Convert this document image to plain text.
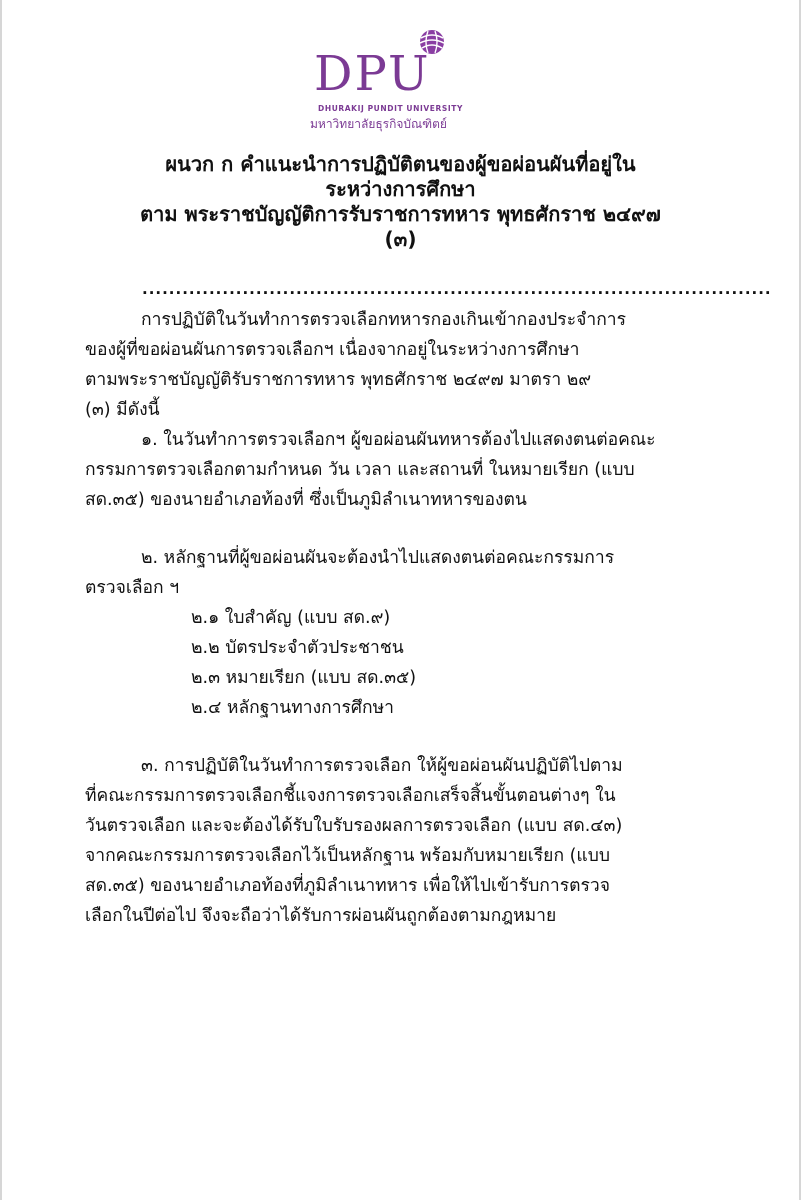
DPU
DHURAKIJ PUNDIT UNIVERSITY
มหาวิทยาลัยธุรกิจบัณฑิตย์
ผนวก ก คำแนะนำการปฏิบัติตนของผู้ขอผ่อนผันที่อยู่ใน
ระหว่างการศึกษา
ตาม พระราชบัญญัติการรับราชการทหาร พุทธศักราช ๒๔๙๗
(๓)
..............................................................................................
การปฏิบัติในวันทำการตรวจเลือกทหารกองเกินเข้ากองประจำการ
ของผู้ที่ขอผ่อนผันการตรวจเลือกฯ เนื่องจากอยู่ในระหว่างการศึกษา
ตามพระราชบัญญัติรับราชการทหาร พุทธศักราช ๒๔๙๗ มาตรา ๒๙
(๓) มีดังนี้
๑. ในวันทำการตรวจเลือกฯ ผู้ขอผ่อนผันทหารต้องไปแสดงตนต่อคณะ
กรรมการตรวจเลือกตามกำหนด วัน เวลา และสถานที่ ในหมายเรียก (แบบ
สด.๓๕) ของนายอำเภอท้องที่ ซึ่งเป็นภูมิลำเนาทหารของตน
๒. หลักฐานที่ผู้ขอผ่อนผันจะต้องนำไปแสดงตนต่อคณะกรรมการ
ตรวจเลือก ฯ
๒.๑ ใบสำคัญ (แบบ สด.๙)
๒.๒ บัตรประจำตัวประชาชน
๒.๓ หมายเรียก (แบบ สด.๓๕)
๒.๔ หลักฐานทางการศึกษา
๓. การปฏิบัติในวันทำการตรวจเลือก ให้ผู้ขอผ่อนผันปฏิบัติไปตาม
ที่คณะกรรมการตรวจเลือกชี้แจงการตรวจเลือกเสร็จสิ้นขั้นตอนต่างๆ ใน
วันตรวจเลือก และจะต้องได้รับใบรับรองผลการตรวจเลือก (แบบ สด.๔๓)
จากคณะกรรมการตรวจเลือกไว้เป็นหลักฐาน พร้อมกับหมายเรียก (แบบ
สด.๓๕) ของนายอำเภอท้องที่ภูมิลำเนาทหาร เพื่อให้ไปเข้ารับการตรวจ
เลือกในปีต่อไป จึงจะถือว่าได้รับการผ่อนผันถูกต้องตามกฎหมาย
